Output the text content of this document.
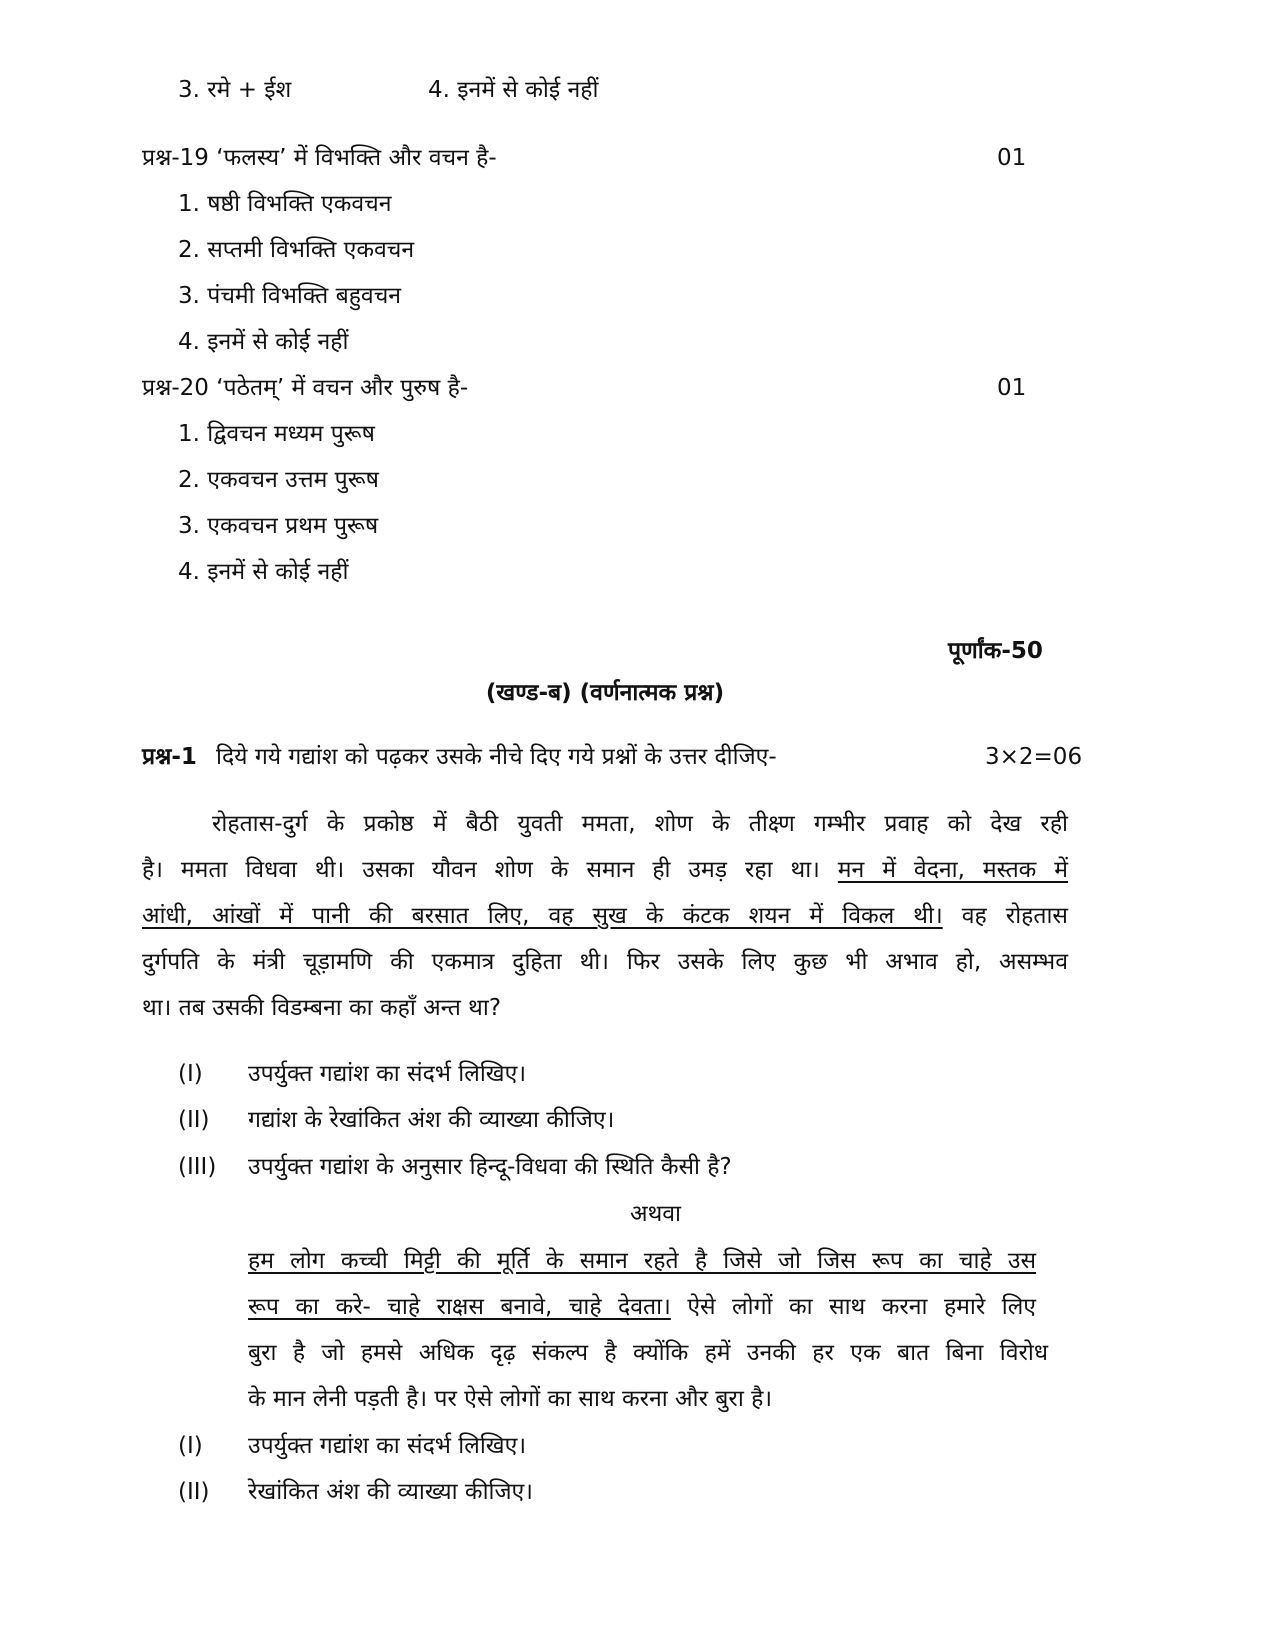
3. रमे + ईश	4. इनमें से कोई नहीं
प्रश्न-19 ‘फलस्य’ में विभक्ति और वचन है-	01
1. षष्ठी विभक्ति एकवचन
2. सप्तमी विभक्ति एकवचन
3. पंचमी विभक्ति बहुवचन
4. इनमें से कोई नहीं
प्रश्न-20 ‘पठेतम्’ में वचन और पुरुष है-	01
1. द्विवचन मध्यम पुरूष
2. एकवचन उत्तम पुरूष
3. एकवचन प्रथम पुरूष
4. इनमें से कोई नहीं
पूर्णांक-50
(खण्ड-ब) (वर्णनात्मक प्रश्न)
प्रश्न-1 दिये गये गद्यांश को पढ़कर उसके नीचे दिए गये प्रश्नों के उत्तर दीजिए-	3×2=06
रोहतास-दुर्ग के प्रकोष्ठ में बैठी युवती ममता, शोण के तीक्ष्ण गम्भीर प्रवाह को देख रही
है। ममता विधवा थी। उसका यौवन शोण के समान ही उमड़ रहा था। मन में वेदना, मस्तक में
आंधी, आंखों में पानी की बरसात लिए, वह सुख के कंटक शयन में विकल थी। वह रोहतास
दुर्गपति के मंत्री चूड़ामणि की एकमात्र दुहिता थी। फिर उसके लिए कुछ भी अभाव हो, असम्भव
था। तब उसकी विडम्बना का कहाँ अन्त था?
(I) उपर्युक्त गद्यांश का संदर्भ लिखिए।
(II) गद्यांश के रेखांकित अंश की व्याख्या कीजिए।
(III) उपर्युक्त गद्यांश के अनुसार हिन्दू-विधवा की स्थिति कैसी है?
अथवा
हम लोग कच्ची मिट्टी की मूर्ति के समान रहते है जिसे जो जिस रूप का चाहे उस
रूप का करे- चाहे राक्षस बनावे, चाहे देवता। ऐसे लोगों का साथ करना हमारे लिए
बुरा है जो हमसे अधिक दृढ़ संकल्प है क्योंकि हमें उनकी हर एक बात बिना विरोध
के मान लेनी पड़ती है। पर ऐसे लोगों का साथ करना और बुरा है।
(I) उपर्युक्त गद्यांश का संदर्भ लिखिए।
(II) रेखांकित अंश की व्याख्या कीजिए।
